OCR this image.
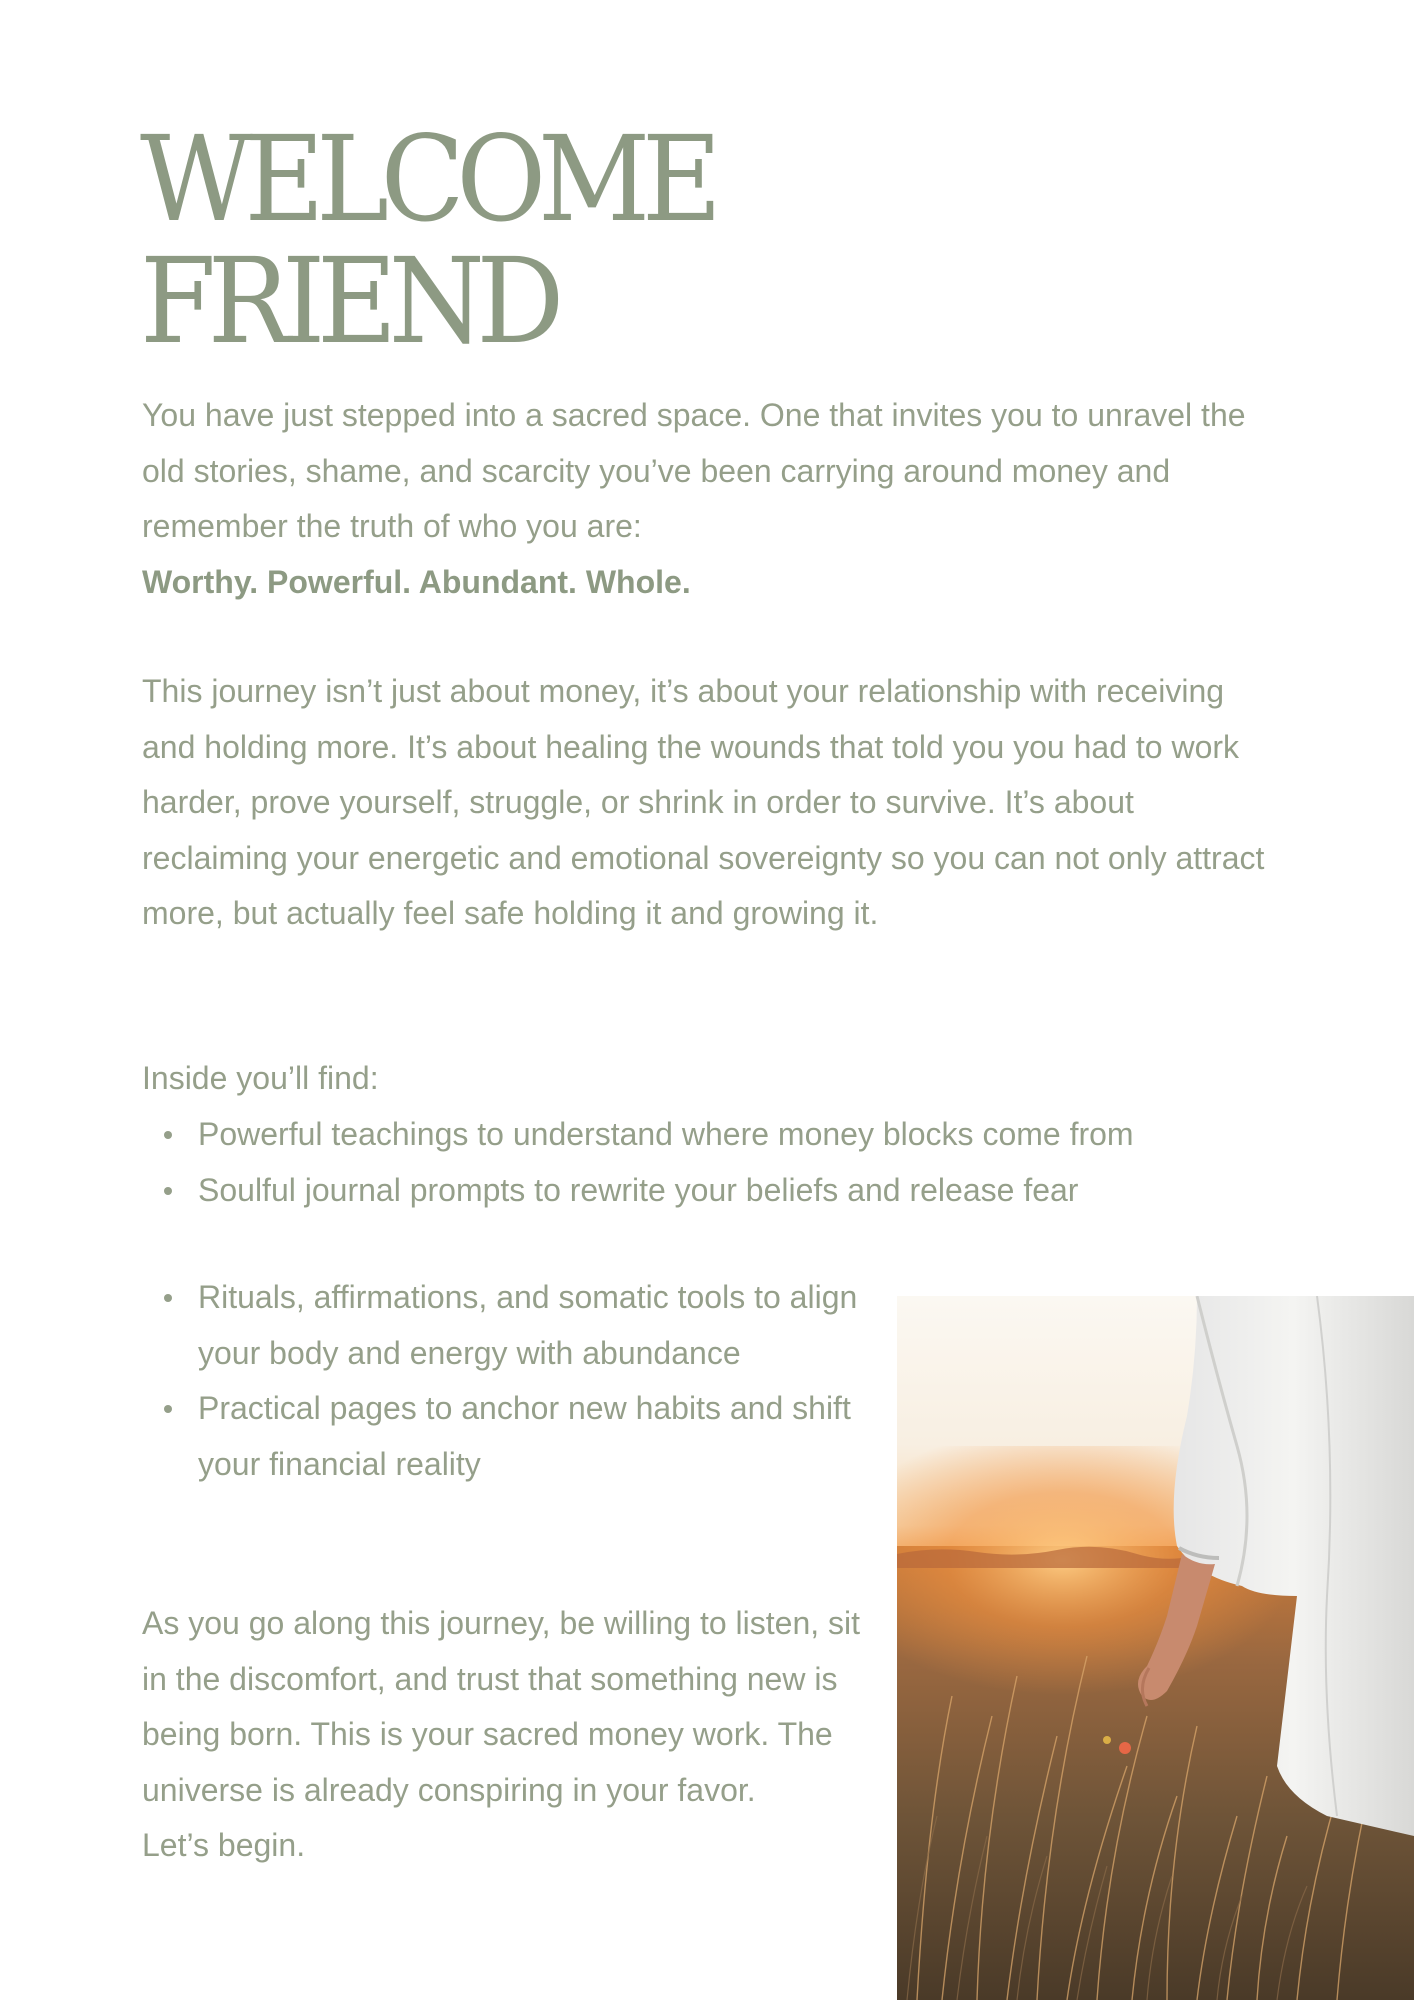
WELCOME
FRIEND

You have just stepped into a sacred space. One that invites you to unravel the old stories, shame, and scarcity you’ve been carrying around money and remember the truth of who you are:
Worthy. Powerful. Abundant. Whole.

This journey isn’t just about money, it’s about your relationship with receiving and holding more. It’s about healing the wounds that told you you had to work harder, prove yourself, struggle, or shrink in order to survive. It’s about reclaiming your energetic and emotional sovereignty so you can not only attract more, but actually feel safe holding it and growing it.

Inside you’ll find:

Powerful teachings to understand where money blocks come from
Soulful journal prompts to rewrite your beliefs and release fear
Rituals, affirmations, and somatic tools to align your body and energy with abundance
Practical pages to anchor new habits and shift your financial reality

As you go along this journey, be willing to listen, sit in the discomfort, and trust that something new is being born. This is your sacred money work. The universe is already conspiring in your favor.
Let’s begin.
